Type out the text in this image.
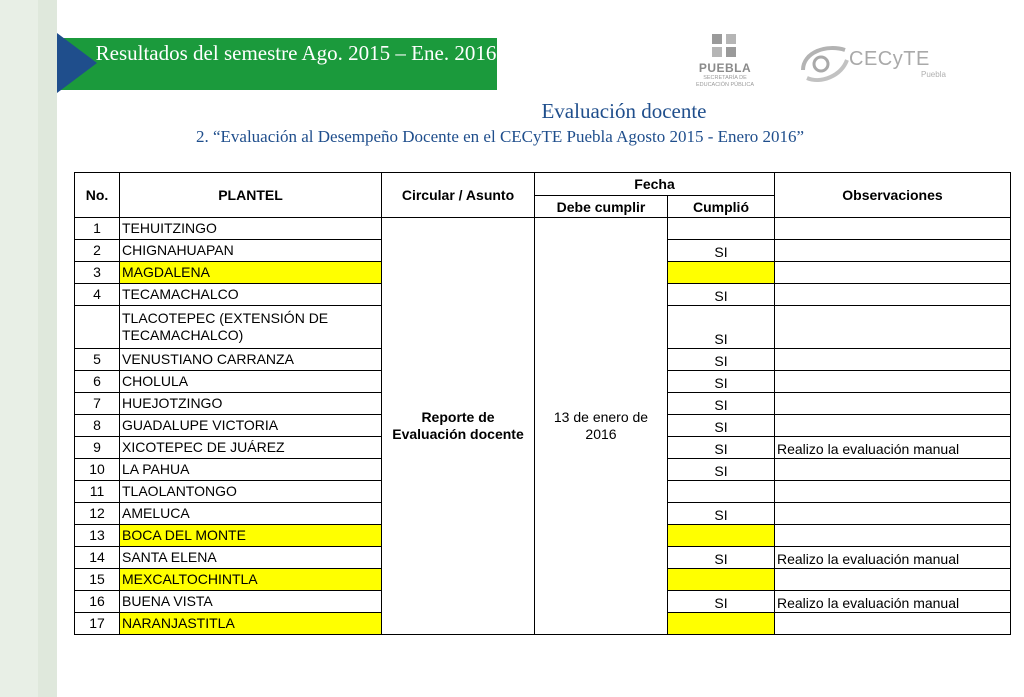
Resultados del semestre Ago. 2015 – Ene. 2016
PUEBLA
SECRETARÍA DE
EDUCACIÓN PÚBLICA
CECyTE
Puebla
Evaluación docente
2. “Evaluación al Desempeño Docente en el CECyTE Puebla Agosto 2015 - Enero 2016”
No.	PLANTEL	Circular / Asunto	Fecha		Observaciones
			Debe cumplir	Cumplió	
1	TEHUITZINGO	Reporte de Evaluación docente	13 de enero de 2016		
2	CHIGNAHUAPAN			SI	
3	MAGDALENA				
4	TECAMACHALCO			SI	
	TLACOTEPEC (EXTENSIÓN DE TECAMACHALCO)			SI	
5	VENUSTIANO CARRANZA			SI	
6	CHOLULA			SI	
7	HUEJOTZINGO			SI	
8	GUADALUPE VICTORIA			SI	
9	XICOTEPEC DE JUÁREZ			SI	Realizo la evaluación manual
10	LA PAHUA			SI	
11	TLAOLANTONGO				
12	AMELUCA			SI	
13	BOCA DEL MONTE				
14	SANTA ELENA			SI	Realizo la evaluación manual
15	MEXCALTOCHINTLA				
16	BUENA VISTA			SI	Realizo la evaluación manual
17	NARANJASTITLA				
